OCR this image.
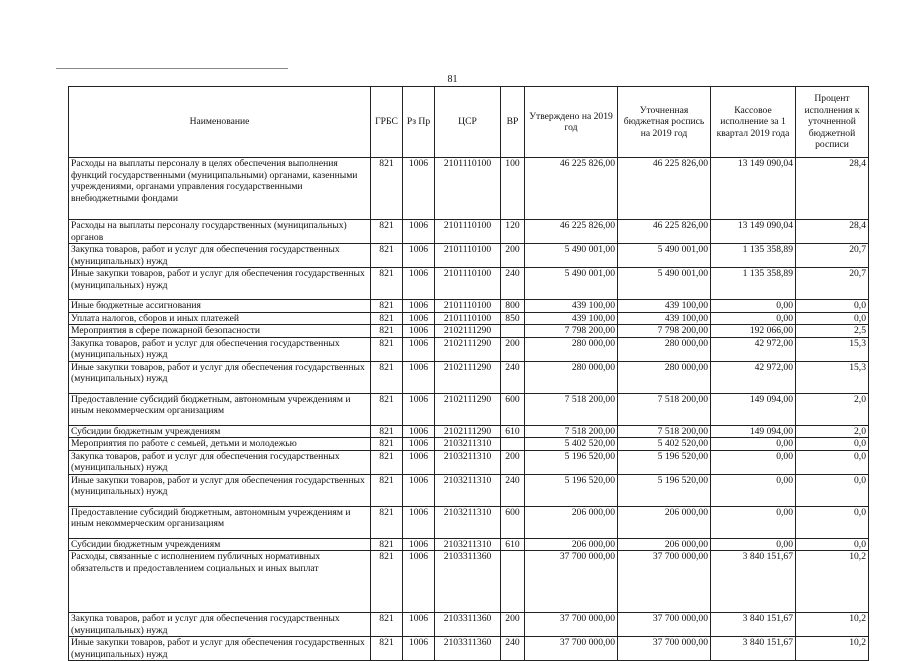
81
Наименование	ГРБС	Рз Пр	ЦСР	ВР	Утверждено на 2019 год	Уточненная бюджетная роспись на 2019 год	Кассовое исполнение за 1 квартал 2019 года	Процент исполнения к уточненной бюджетной росписи
Расходы на выплаты персоналу в целях обеспечения выполнения функций государственными (муниципальными) органами, казенными учреждениями, органами управления государственными внебюджетными фондами	821	1006	2101110100	100	46 225 826,00	46 225 826,00	13 149 090,04	28,4
Расходы на выплаты персоналу государственных (муниципальных) органов	821	1006	2101110100	120	46 225 826,00	46 225 826,00	13 149 090,04	28,4
Закупка товаров, работ и услуг для обеспечения государственных (муниципальных) нужд	821	1006	2101110100	200	5 490 001,00	5 490 001,00	1 135 358,89	20,7
Иные закупки товаров, работ и услуг для обеспечения государственных (муниципальных) нужд	821	1006	2101110100	240	5 490 001,00	5 490 001,00	1 135 358,89	20,7
Иные бюджетные ассигнования	821	1006	2101110100	800	439 100,00	439 100,00	0,00	0,0
Уплата налогов, сборов и иных платежей	821	1006	2101110100	850	439 100,00	439 100,00	0,00	0,0
Мероприятия в сфере пожарной безопасности	821	1006	2102111290		7 798 200,00	7 798 200,00	192 066,00	2,5
Закупка товаров, работ и услуг для обеспечения государственных (муниципальных) нужд	821	1006	2102111290	200	280 000,00	280 000,00	42 972,00	15,3
Иные закупки товаров, работ и услуг для обеспечения государственных (муниципальных) нужд	821	1006	2102111290	240	280 000,00	280 000,00	42 972,00	15,3
Предоставление субсидий бюджетным, автономным учреждениям и иным некоммерческим организациям	821	1006	2102111290	600	7 518 200,00	7 518 200,00	149 094,00	2,0
Субсидии бюджетным учреждениям	821	1006	2102111290	610	7 518 200,00	7 518 200,00	149 094,00	2,0
Мероприятия по работе с семьей, детьми и молодежью	821	1006	2103211310		5 402 520,00	5 402 520,00	0,00	0,0
Закупка товаров, работ и услуг для обеспечения государственных (муниципальных) нужд	821	1006	2103211310	200	5 196 520,00	5 196 520,00	0,00	0,0
Иные закупки товаров, работ и услуг для обеспечения государственных (муниципальных) нужд	821	1006	2103211310	240	5 196 520,00	5 196 520,00	0,00	0,0
Предоставление субсидий бюджетным, автономным учреждениям и иным некоммерческим организациям	821	1006	2103211310	600	206 000,00	206 000,00	0,00	0,0
Субсидии бюджетным учреждениям	821	1006	2103211310	610	206 000,00	206 000,00	0,00	0,0
Расходы, связанные с исполнением публичных нормативных обязательств и предоставлением социальных и иных выплат	821	1006	2103311360		37 700 000,00	37 700 000,00	3 840 151,67	10,2
Закупка товаров, работ и услуг для обеспечения государственных (муниципальных) нужд	821	1006	2103311360	200	37 700 000,00	37 700 000,00	3 840 151,67	10,2
Иные закупки товаров, работ и услуг для обеспечения государственных (муниципальных) нужд	821	1006	2103311360	240	37 700 000,00	37 700 000,00	3 840 151,67	10,2
